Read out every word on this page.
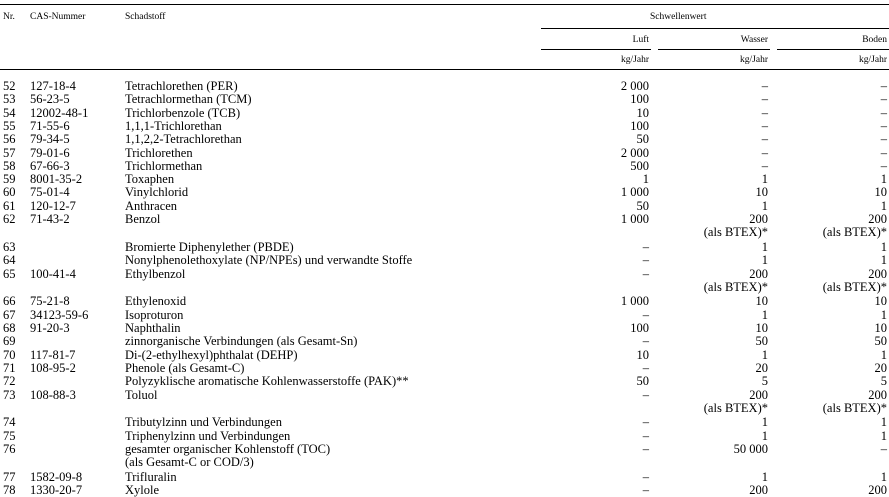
Nr. CAS-Nummer	Schadstoff	Schwellenwert
Luft	Wasser	Boden
kg/Jahr	kg/Jahr	kg/Jahr
52 127-18-4	Tetrachlorethen (PER)	2 000	–	–
53 56-23-5	Tetrachlormethan (TCM)	100	–	–
54 12002-48-1	Trichlorbenzole (TCB)	10	–	–
55 71-55-6	1,1,1-Trichlorethan	100	–	–
56 79-34-5	1,1,2,2-Tetrachlorethan	50	–	–
57 79-01-6	Trichlorethen	2 000	–	–
58 67-66-3	Trichlormethan	500	–	–
59 8001-35-2	Toxaphen	1	1	1
60 75-01-4	Vinylchlorid	1 000	10	10
61 120-12-7	Anthracen	50	1	1
62 71-43-2	Benzol	1 000	200	200
(als BTEX)*	(als BTEX)*
63	Bromierte Diphenylether (PBDE)	–	1	1
64	Nonylphenolethoxylate (NP/NPEs) und verwandte Stoffe	–	1	1
65 100-41-4	Ethylbenzol	–	200	200
(als BTEX)*	(als BTEX)*
66 75-21-8	Ethylenoxid	1 000	10	10
67 34123-59-6	Isoproturon	–	1	1
68 91-20-3	Naphthalin	100	10	10
69	zinnorganische Verbindungen (als Gesamt-Sn)	–	50	50
70 117-81-7	Di-(2-ethylhexyl)phthalat (DEHP)	10	1	1
71 108-95-2	Phenole (als Gesamt-C)	–	20	20
72	Polyzyklische aromatische Kohlenwasserstoffe (PAK)**	50	5	5
73 108-88-3	Toluol	–	200	200
(als BTEX)*	(als BTEX)*
74	Tributylzinn und Verbindungen	–	1	1
75	Triphenylzinn und Verbindungen	–	1	1
76	gesamter organischer Kohlenstoff (TOC)	–	50 000	–
(als Gesamt-C or COD/3)
77 1582-09-8	Trifluralin	–	1	1
78 1330-20-7	Xylole	–	200	200
